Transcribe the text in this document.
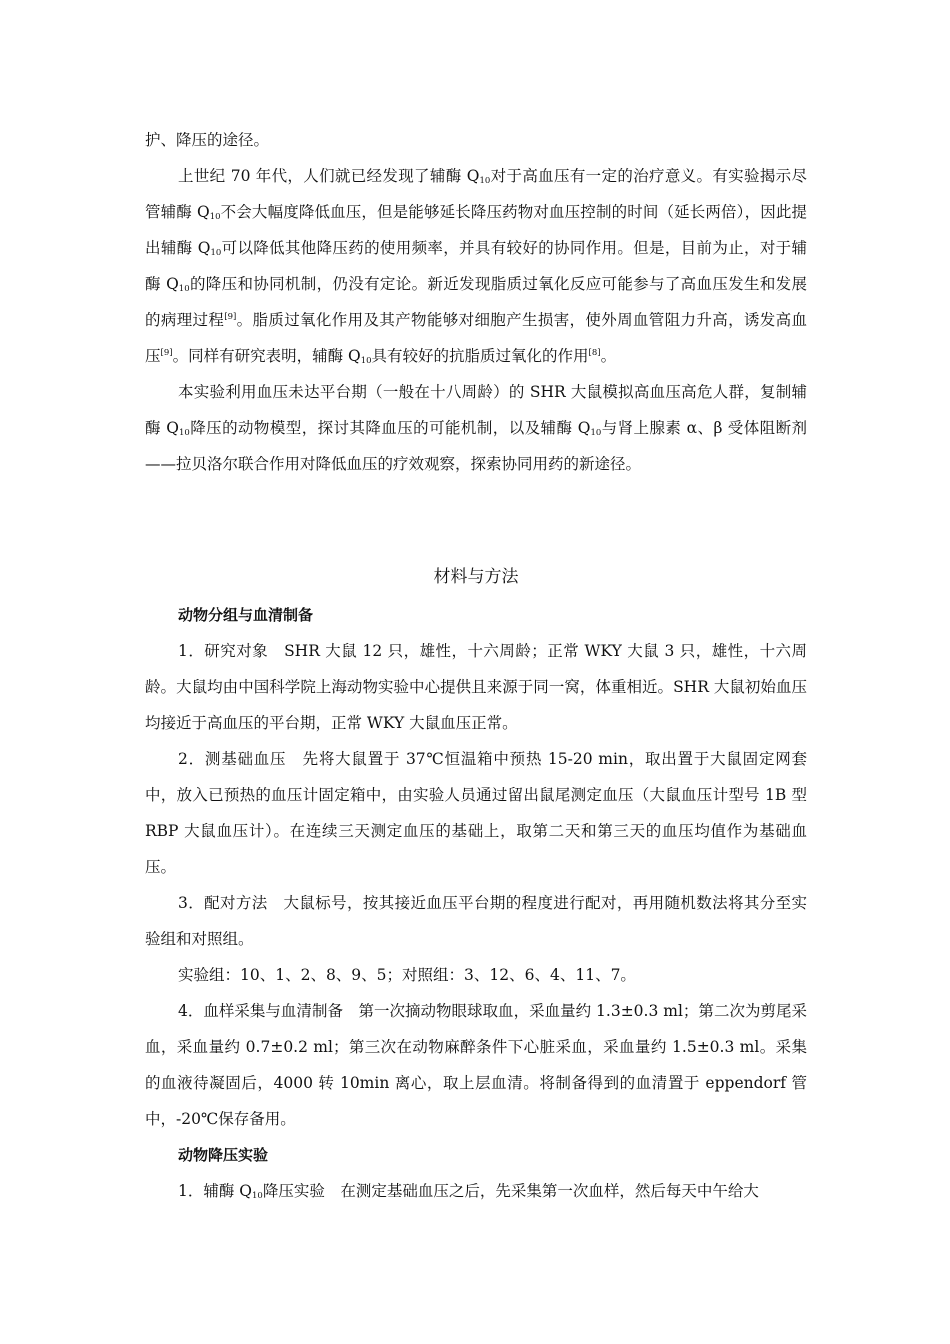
护、降压的途径。

上世纪 70 年代，人们就已经发现了辅酶 $Q_{10}$对于高血压有一定的治疗意义。有实验揭示尽管辅酶 $Q_{10}$不会大幅度降低血压，但是能够延长降压药物对血压控制的时间（延长两倍），因此提出辅酶 $Q_{10}$可以降低其他降压药的使用频率，并具有较好的协同作用。但是，目前为止，对于辅酶 $Q_{10}$的降压和协同机制，仍没有定论。新近发现脂质过氧化反应可能参与了高血压发生和发展的病理过程[9]。脂质过氧化作用及其产物能够对细胞产生损害，使外周血管阻力升高，诱发高血压[9]。同样有研究表明，辅酶 $Q_{10}$具有较好的抗脂质过氧化的作用[8]。

本实验利用血压未达平台期（一般在十八周龄）的 SHR 大鼠模拟高血压高危人群，复制辅酶 $Q_{10}$降压的动物模型，探讨其降血压的可能机制，以及辅酶 $Q_{10}$与肾上腺素 α、β 受体阻断剂——拉贝洛尔联合作用对降低血压的疗效观察，探索协同用药的新途径。

材料与方法
动物分组与血清制备

1．研究对象　SHR 大鼠 12 只，雄性，十六周龄；正常 WKY 大鼠 3 只，雄性，十六周龄。大鼠均由中国科学院上海动物实验中心提供且来源于同一窝，体重相近。SHR 大鼠初始血压均接近于高血压的平台期，正常 WKY 大鼠血压正常。

2．测基础血压　先将大鼠置于 37℃恒温箱中预热 15-20 min，取出置于大鼠固定网套中，放入已预热的血压计固定箱中，由实验人员通过留出鼠尾测定血压（大鼠血压计型号 1B 型 RBP 大鼠血压计）。在连续三天测定血压的基础上，取第二天和第三天的血压均值作为基础血压。

3．配对方法　大鼠标号，按其接近血压平台期的程度进行配对，再用随机数法将其分至实验组和对照组。

实验组：10、1、2、8、9、5；对照组：3、12、6、4、11、7。

4．血样采集与血清制备　第一次摘动物眼球取血，采血量约 1.3±0.3 ml；第二次为剪尾采血，采血量约 0.7±0.2 ml；第三次在动物麻醉条件下心脏采血，采血量约 1.5±0.3 ml。采集的血液待凝固后，4000 转 10min 离心，取上层血清。将制备得到的血清置于 eppendorf 管中，-20℃保存备用。

动物降压实验

1．辅酶 $Q_{10}$降压实验　在测定基础血压之后，先采集第一次血样，然后每天中午给大
